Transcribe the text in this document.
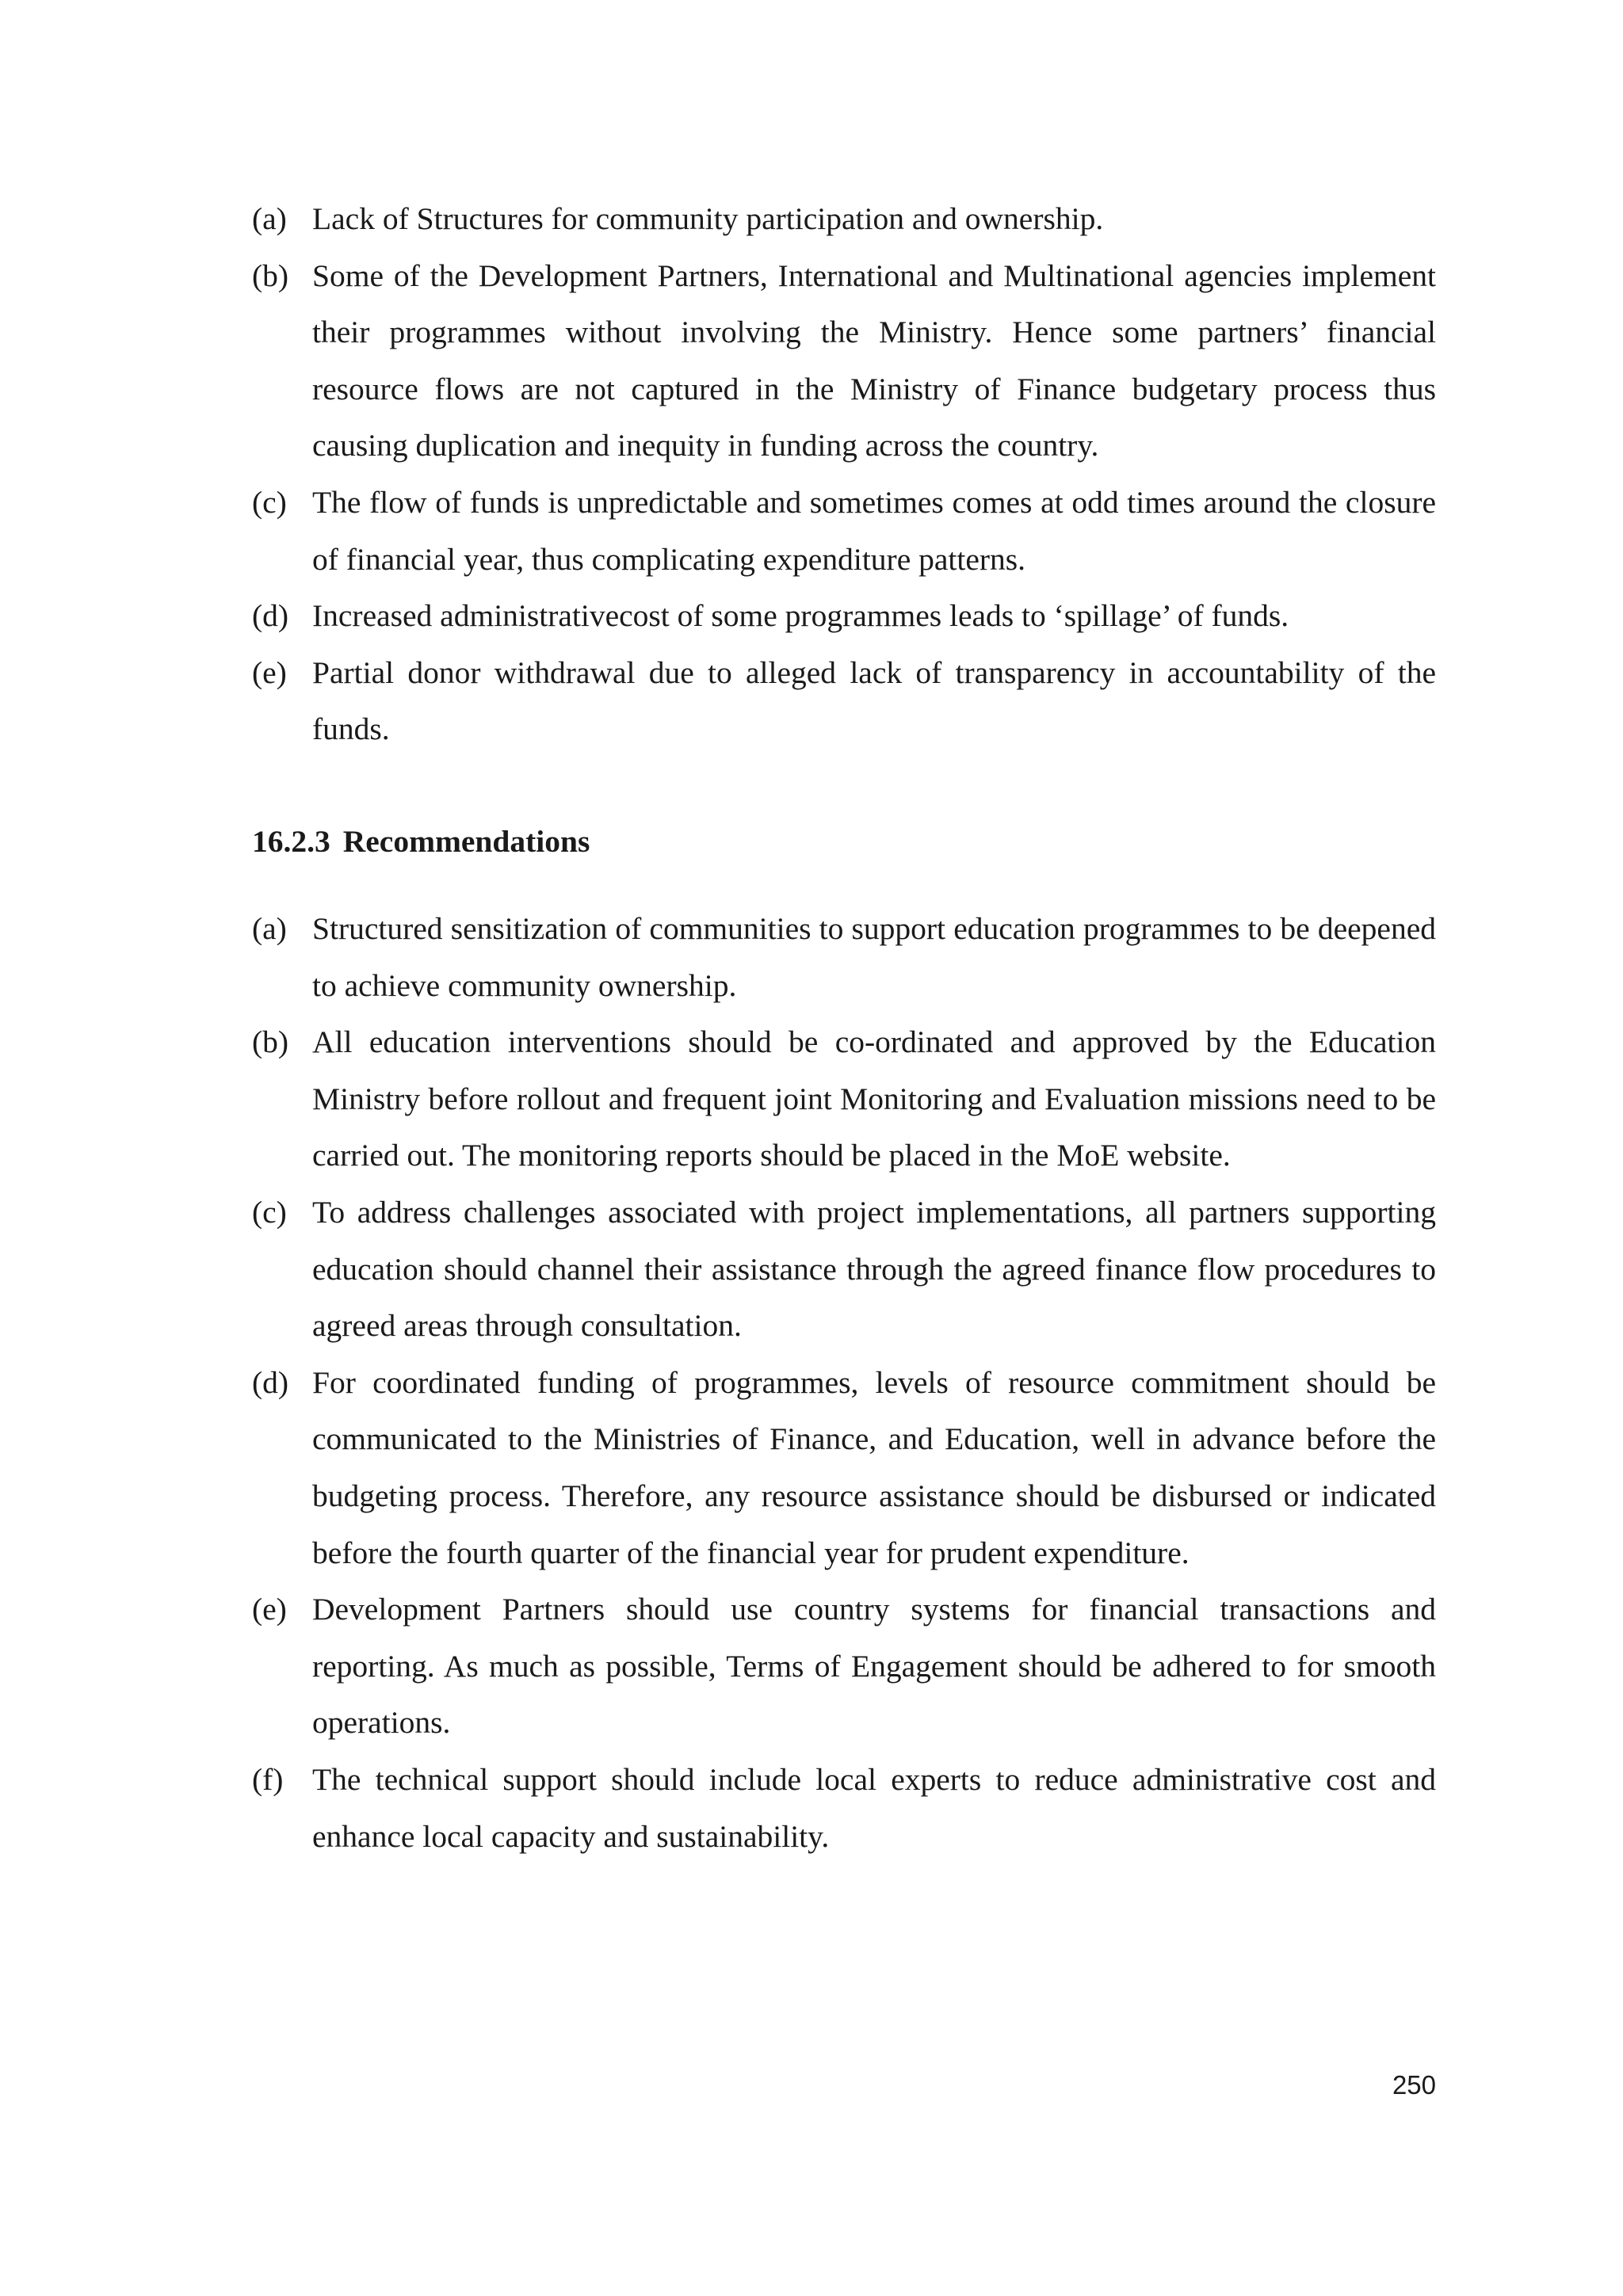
(a) Lack of Structures for community participation and ownership.
(b) Some of the Development Partners, International and Multinational agencies implement their programmes without involving the Ministry. Hence some partners’ financial resource flows are not captured in the Ministry of Finance budgetary process thus causing duplication and inequity in funding across the country.
(c) The flow of funds is unpredictable and sometimes comes at odd times around the closure of financial year, thus complicating expenditure patterns.
(d) Increased administrativecost of some programmes leads to ‘spillage’ of funds.
(e) Partial donor withdrawal due to alleged lack of transparency in accountability of the funds.
16.2.3 Recommendations
(a) Structured sensitization of communities to support education programmes to be deepened to achieve community ownership.
(b) All education interventions should be co-ordinated and approved by the Education Ministry before rollout and frequent joint Monitoring and Evaluation missions need to be carried out. The monitoring reports should be placed in the MoE website.
(c) To address challenges associated with project implementations, all partners supporting education should channel their assistance through the agreed finance flow procedures to agreed areas through consultation.
(d) For coordinated funding of programmes, levels of resource commitment should be communicated to the Ministries of Finance, and Education, well in advance before the budgeting process. Therefore, any resource assistance should be disbursed or indicated before the fourth quarter of the financial year for prudent expenditure.
(e) Development Partners should use country systems for financial transactions and reporting. As much as possible, Terms of Engagement should be adhered to for smooth operations.
(f) The technical support should include local experts to reduce administrative cost and enhance local capacity and sustainability.
250
